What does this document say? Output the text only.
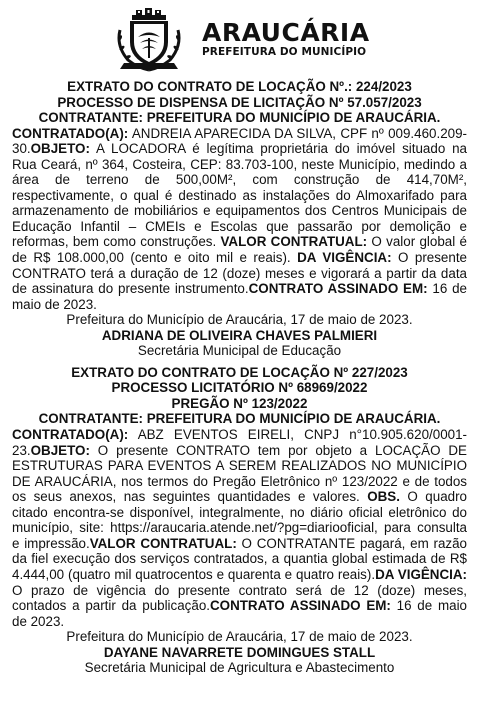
ARAUCÁRIA
PREFEITURA DO MUNICÍPIO

EXTRATO DO CONTRATO DE LOCAÇÃO Nº.: 224/2023

PROCESSO DE DISPENSA DE LICITAÇÃO Nº 57.057/2023

CONTRATANTE: PREFEITURA DO MUNICÍPIO DE ARAUCÁRIA.

CONTRATADO(A): ANDREIA APARECIDA DA SILVA, CPF nº 009.460.209-30.OBJETO: A LOCADORA é legítima proprietária do imóvel situado na Rua Ceará, nº 364, Costeira, CEP: 83.703-100, neste Município, medindo a área de terreno de 500,00M², com construção de 414,70M², respectivamente, o qual é destinado as instalações do Almoxarifado para armazenamento de mobiliários e equipamentos dos Centros Municipais de Educação Infantil – CMEIs e Escolas que passarão por demolição e reformas, bem como construções. VALOR CONTRATUAL: O valor global é de R$ 108.000,00 (cento e oito mil e reais). DA VIGÊNCIA: O presente CONTRATO terá a duração de 12 (doze) meses e vigorará a partir da data de assinatura do presente instrumento.CONTRATO ASSINADO EM: 16 de maio de 2023.

Prefeitura do Município de Araucária, 17 de maio de 2023.

ADRIANA DE OLIVEIRA CHAVES PALMIERI

Secretária Municipal de Educação

EXTRATO DO CONTRATO DE LOCAÇÃO Nº 227/2023

PROCESSO LICITATÓRIO Nº 68969/2022

PREGÃO Nº 123/2022

CONTRATANTE: PREFEITURA DO MUNICÍPIO DE ARAUCÁRIA.

CONTRATADO(A): ABZ EVENTOS EIRELI, CNPJ n°10.905.620/0001-23.OBJETO: O presente CONTRATO tem por objeto a LOCAÇÃO DE ESTRUTURAS PARA EVENTOS A SEREM REALIZADOS NO MUNICÍPIO DE ARAUCÁRIA, nos termos do Pregão Eletrônico nº 123/2022 e de todos os seus anexos, nas seguintes quantidades e valores. OBS. O quadro citado encontra-se disponível, integralmente, no diário oficial eletrônico do município, site: https://araucaria.atende.net/?pg=diariooficial, para consulta e impressão.VALOR CONTRATUAL: O CONTRATANTE pagará, em razão da fiel execução dos serviços contratados, a quantia global estimada de R$ 4.444,00 (quatro mil quatrocentos e quarenta e quatro reais).DA VIGÊNCIA: O prazo de vigência do presente contrato será de 12 (doze) meses, contados a partir da publicação.CONTRATO ASSINADO EM: 16 de maio de 2023.

Prefeitura do Município de Araucária, 17 de maio de 2023.

DAYANE NAVARRETE DOMINGUES STALL

Secretária Municipal de Agricultura e Abastecimento
